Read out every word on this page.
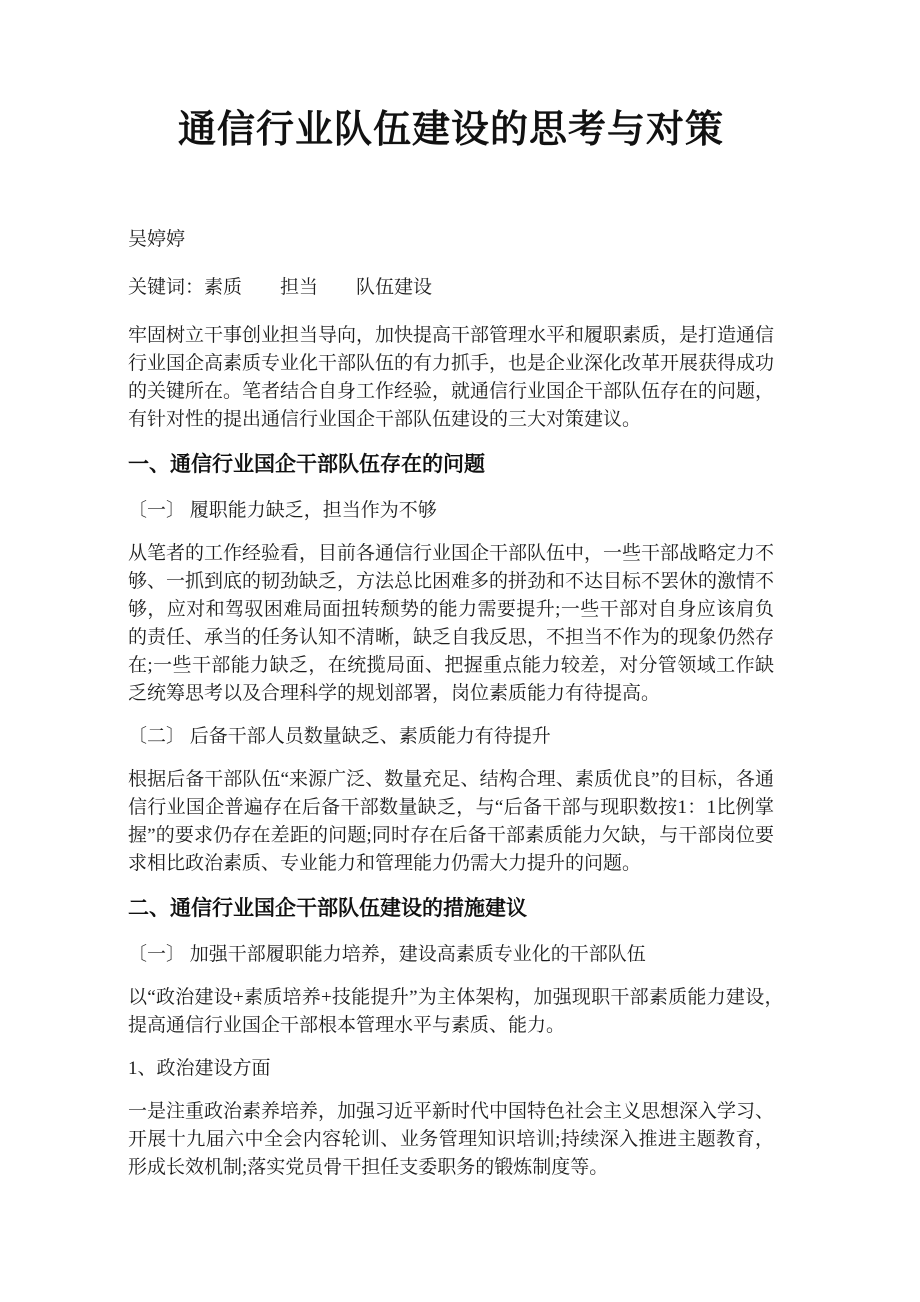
通信行业队伍建设的思考与对策

吴婷婷

关键词：素质　　担当　　队伍建设

牢固树立干事创业担当导向，加快提高干部管理水平和履职素质，是打造通信行业国企高素质专业化干部队伍的有力抓手，也是企业深化改革开展获得成功的关键所在。笔者结合自身工作经验，就通信行业国企干部队伍存在的问题，有针对性的提出通信行业国企干部队伍建设的三大对策建议。

一、通信行业国企干部队伍存在的问题

〔一〕 履职能力缺乏，担当作为不够

从笔者的工作经验看，目前各通信行业国企干部队伍中，一些干部战略定力不够、一抓到底的韧劲缺乏，方法总比困难多的拼劲和不达目标不罢休的激情不够，应对和驾驭困难局面扭转颓势的能力需要提升;一些干部对自身应该肩负的责任、承当的任务认知不清晰，缺乏自我反思，不担当不作为的现象仍然存在;一些干部能力缺乏，在统揽局面、把握重点能力较差，对分管领域工作缺乏统筹思考以及合理科学的规划部署，岗位素质能力有待提高。

〔二〕 后备干部人员数量缺乏、素质能力有待提升

根据后备干部队伍“来源广泛、数量充足、结构合理、素质优良”的目标，各通信行业国企普遍存在后备干部数量缺乏，与“后备干部与现职数按1：1比例掌握”的要求仍存在差距的问题;同时存在后备干部素质能力欠缺，与干部岗位要求相比政治素质、专业能力和管理能力仍需大力提升的问题。

二、通信行业国企干部队伍建设的措施建议

〔一〕 加强干部履职能力培养，建设高素质专业化的干部队伍

以“政治建设+素质培养+技能提升”为主体架构，加强现职干部素质能力建设，　提高通信行业国企干部根本管理水平与素质、能力。

1、政治建设方面

一是注重政治素养培养，加强习近平新时代中国特色社会主义思想深入学习、开展十九届六中全会内容轮训、业务管理知识培训;持续深入推进主题教育，形成长效机制;落实党员骨干担任支委职务的锻炼制度等。
